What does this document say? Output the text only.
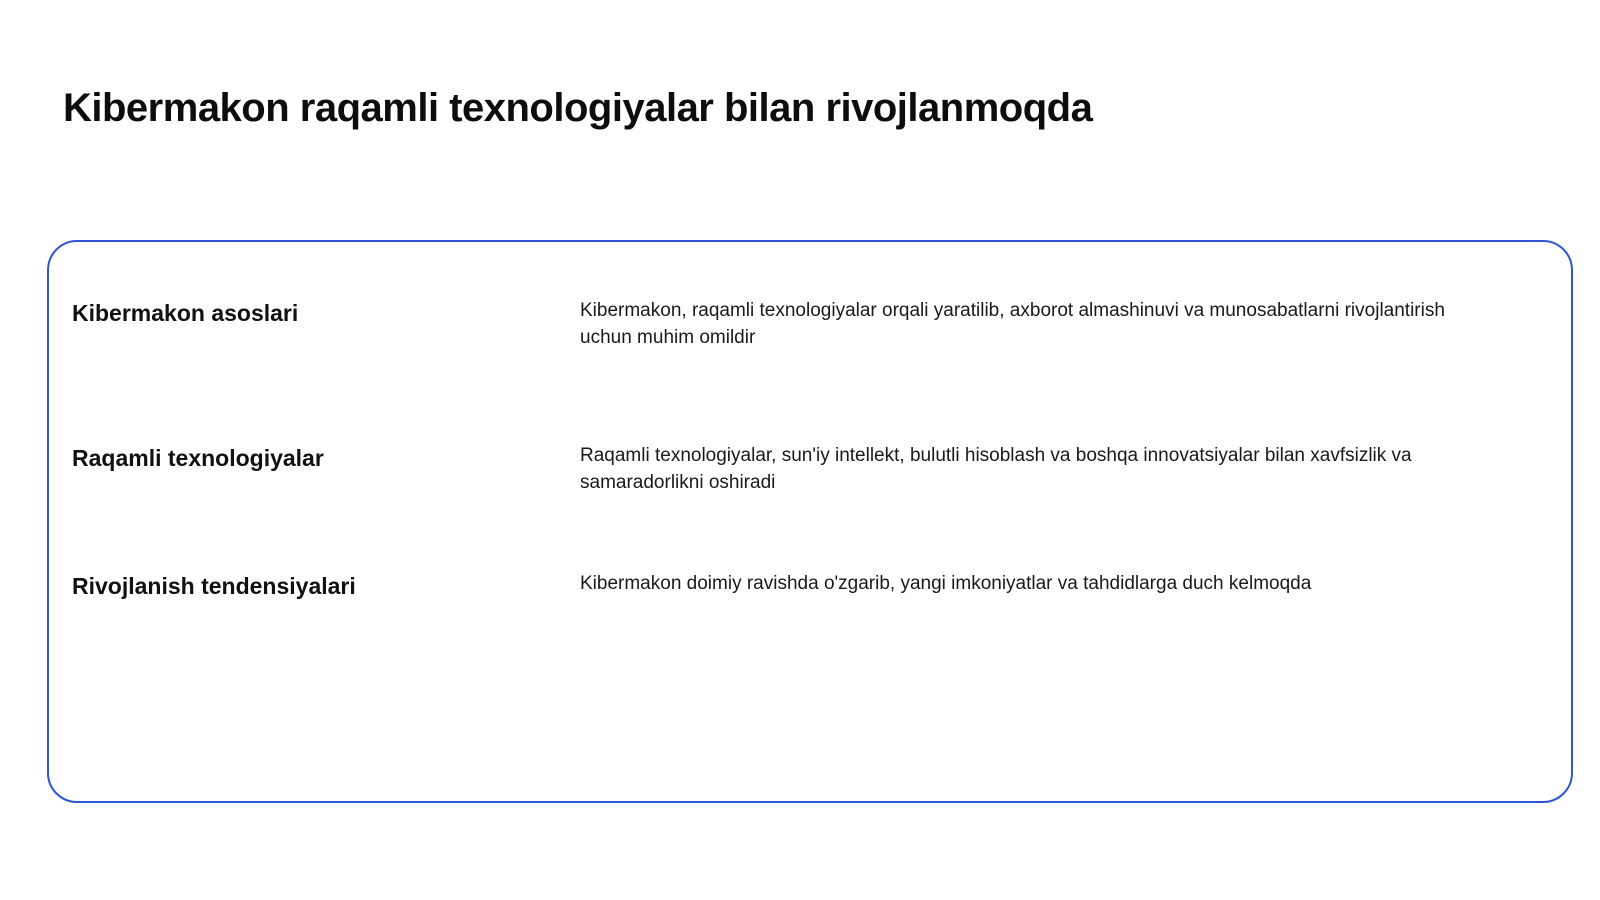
Kibermakon raqamli texnologiyalar bilan rivojlanmoqda
Kibermakon asoslari	Kibermakon, raqamli texnologiyalar orqali yaratilib, axborot almashinuvi va munosabatlarni rivojlantirish uchun muhim omildir

Raqamli texnologiyalar	Raqamli texnologiyalar, sun'iy intellekt, bulutli hisoblash va boshqa innovatsiyalar bilan xavfsizlik va samaradorlikni oshiradi

Rivojlanish tendensiyalari	Kibermakon doimiy ravishda o'zgarib, yangi imkoniyatlar va tahdidlarga duch kelmoqda
